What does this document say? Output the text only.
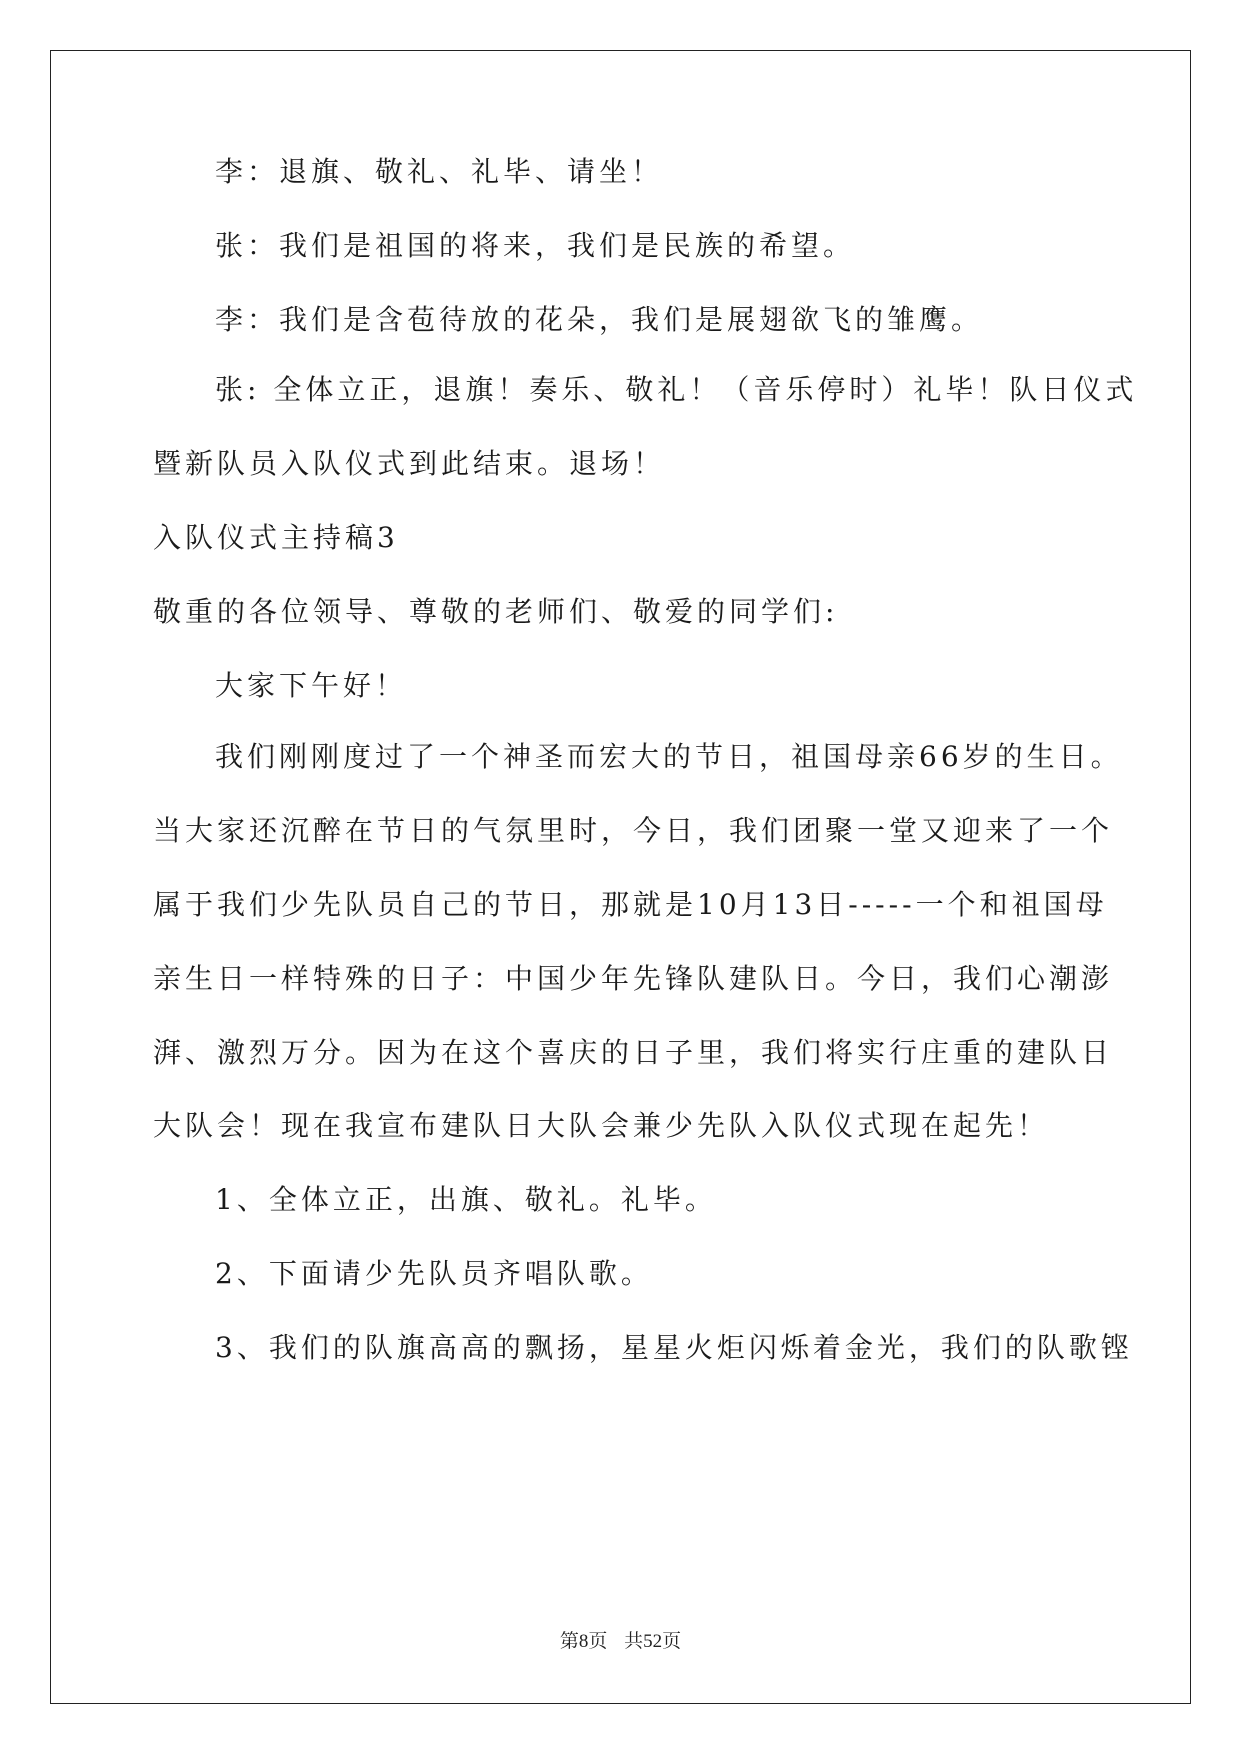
李：退旗、敬礼、礼毕、请坐！
张：我们是祖国的将来，我们是民族的希望。
李：我们是含苞待放的花朵，我们是展翅欲飞的雏鹰。
张: 全体立正，退旗！奏乐、敬礼！（音乐停时）礼毕！队日仪式
暨新队员入队仪式到此结束。退场！
入队仪式主持稿3
敬重的各位领导、尊敬的老师们、敬爱的同学们:
大家下午好！
我们刚刚度过了一个神圣而宏大的节日，祖国母亲66岁的生日。
当大家还沉醉在节日的气氛里时，今日，我们团聚一堂又迎来了一个
属于我们少先队员自己的节日，那就是10月13日-----一个和祖国母
亲生日一样特殊的日子：中国少年先锋队建队日。今日，我们心潮澎
湃、激烈万分。因为在这个喜庆的日子里，我们将实行庄重的建队日
大队会！现在我宣布建队日大队会兼少先队入队仪式现在起先！
1、全体立正，出旗、敬礼。礼毕。
2、下面请少先队员齐唱队歌。
3、我们的队旗高高的飘扬，星星火炬闪烁着金光，我们的队歌铿
第8页 共52页
